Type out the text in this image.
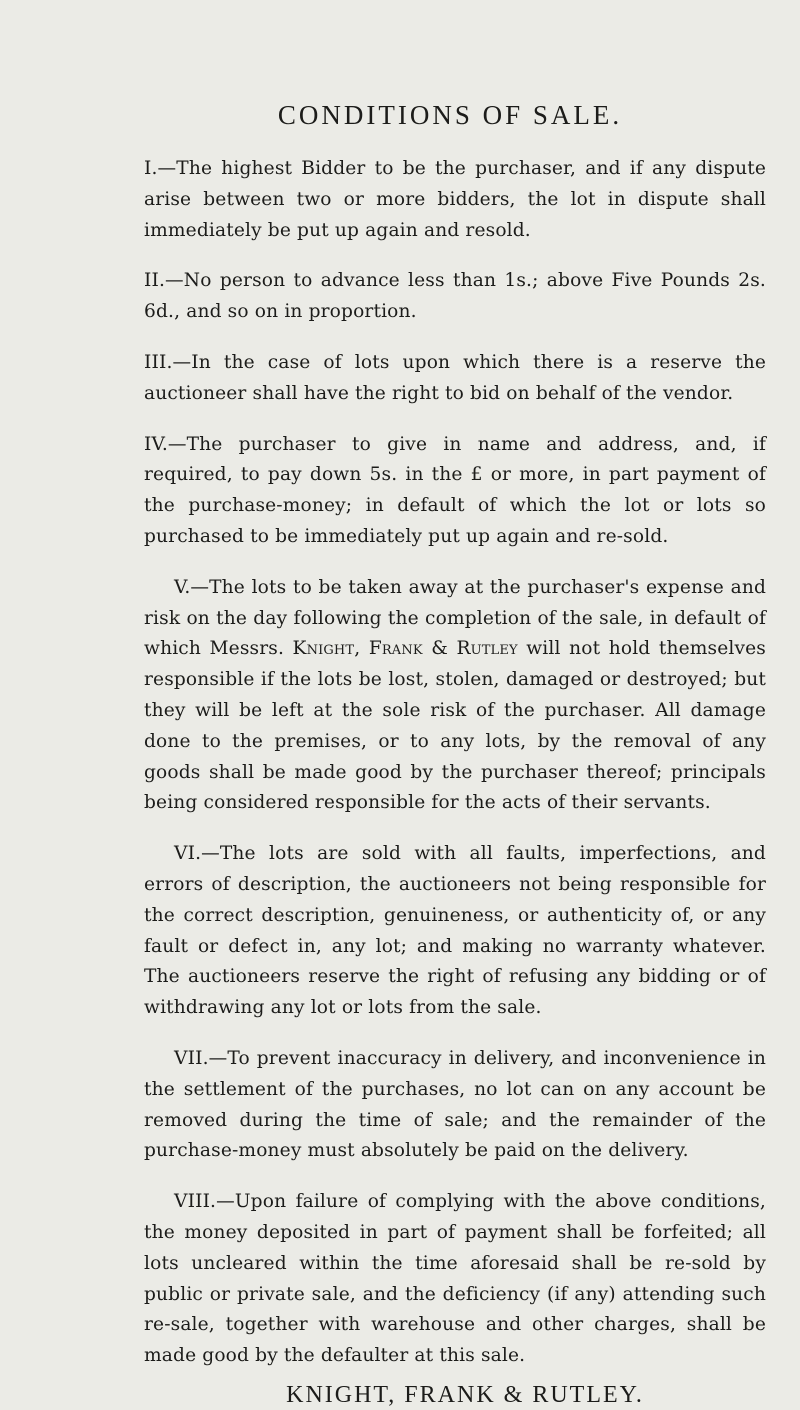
CONDITIONS OF SALE.

I.—The highest Bidder to be the purchaser, and if any dispute arise between two or more bidders, the lot in dispute shall immediately be put up again and resold.

II.—No person to advance less than 1s.; above Five Pounds 2s. 6d., and so on in proportion.

III.—In the case of lots upon which there is a reserve the auctioneer shall have the right to bid on behalf of the vendor.

IV.—The purchaser to give in name and address, and, if required, to pay down 5s. in the £ or more, in part payment of the purchase-money; in default of which the lot or lots so purchased to be immediately put up again and re-sold.

V.—The lots to be taken away at the purchaser's expense and risk on the day following the completion of the sale, in default of which Messrs. Knight, Frank & Rutley will not hold themselves responsible if the lots be lost, stolen, damaged or destroyed; but they will be left at the sole risk of the purchaser. All damage done to the premises, or to any lots, by the removal of any goods shall be made good by the purchaser thereof; principals being considered responsible for the acts of their servants.

VI.—The lots are sold with all faults, imperfections, and errors of description, the auctioneers not being responsible for the correct description, genuineness, or authenticity of, or any fault or defect in, any lot; and making no warranty whatever. The auctioneers reserve the right of refusing any bidding or of withdrawing any lot or lots from the sale.

VII.—To prevent inaccuracy in delivery, and inconvenience in the settlement of the purchases, no lot can on any account be removed during the time of sale; and the remainder of the purchase-money must absolutely be paid on the delivery.

VIII.—Upon failure of complying with the above conditions, the money deposited in part of payment shall be forfeited; all lots uncleared within the time aforesaid shall be re-sold by public or private sale, and the deficiency (if any) attending such re-sale, together with warehouse and other charges, shall be made good by the defaulter at this sale.

KNIGHT, FRANK & RUTLEY.
